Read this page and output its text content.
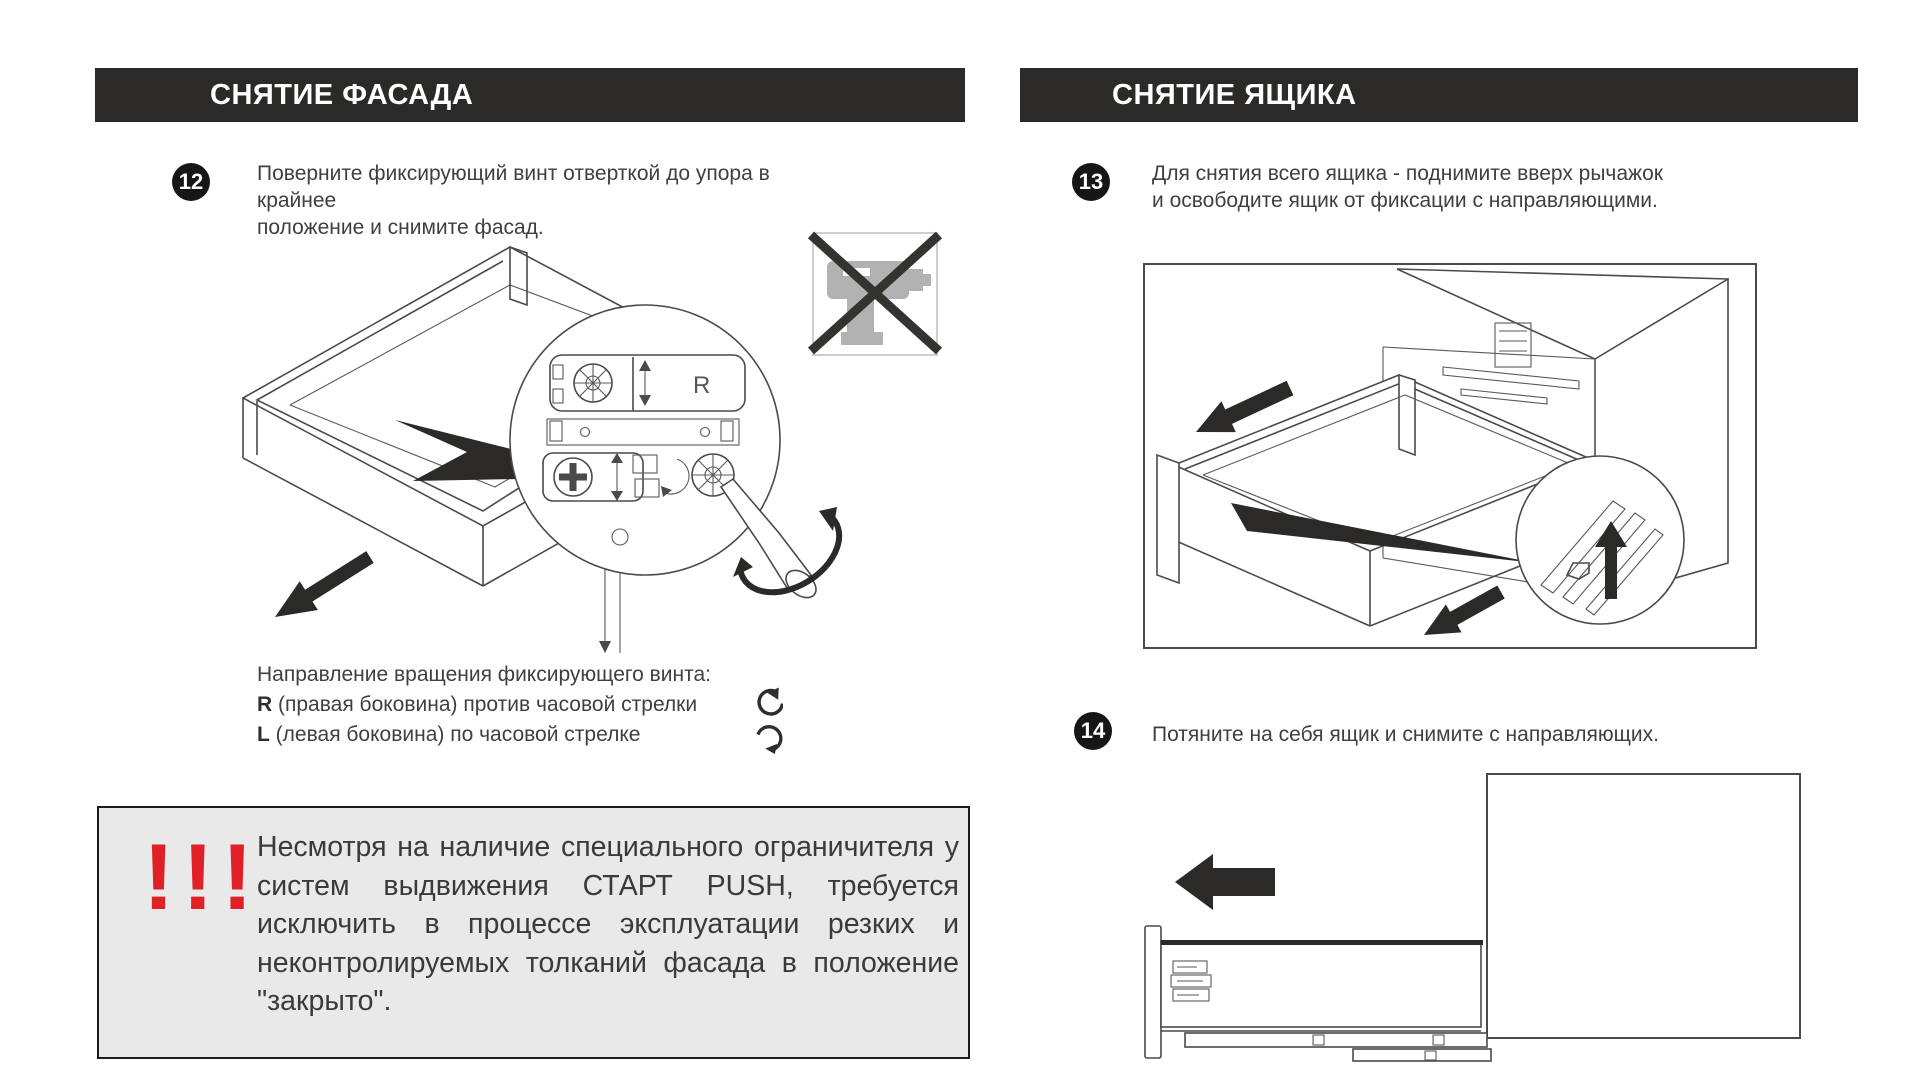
СНЯТИЕ ФАСАДА
12	Поверните фиксирующий винт отверткой до упора в крайнее
положение и снимите фасад.
R
Направление вращения фиксирующего винта:
R (правая боковина) против часовой стрелки
L (левая боковина) по часовой стрелке
!!!
Несмотря на наличие специального ограничителя у систем выдвижения СТАРТ PUSH, требуется исключить в процессе эксплуатации резких и неконтролируемых толканий фасада в положение "закрыто".
СНЯТИЕ ЯЩИКА
13	Для снятия всего ящика - поднимите вверх рычажок
и освободите ящик от фиксации с направляющими.
14	Потяните на себя ящик и снимите с направляющих.
